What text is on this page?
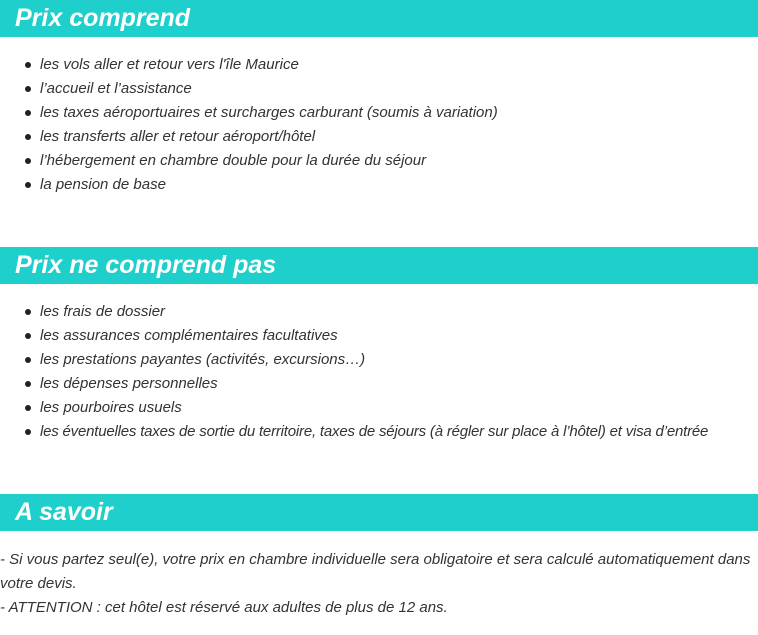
Prix comprend
les vols aller et retour vers l'île Maurice
l’accueil et l’assistance
les taxes aéroportuaires et surcharges carburant (soumis à variation)
les transferts aller et retour aéroport/hôtel
l’hébergement en chambre double pour la durée du séjour
la pension de base
Prix ne comprend pas
les frais de dossier
les assurances complémentaires facultatives
les prestations payantes (activités, excursions…)
les dépenses personnelles
les pourboires usuels
les éventuelles taxes de sortie du territoire, taxes de séjours (à régler sur place à l’hôtel) et visa d’entrée
A savoir
- Si vous partez seul(e), votre prix en chambre individuelle sera obligatoire et sera calculé automatiquement dans votre devis.
- ATTENTION : cet hôtel est réservé aux adultes de plus de 12 ans.
